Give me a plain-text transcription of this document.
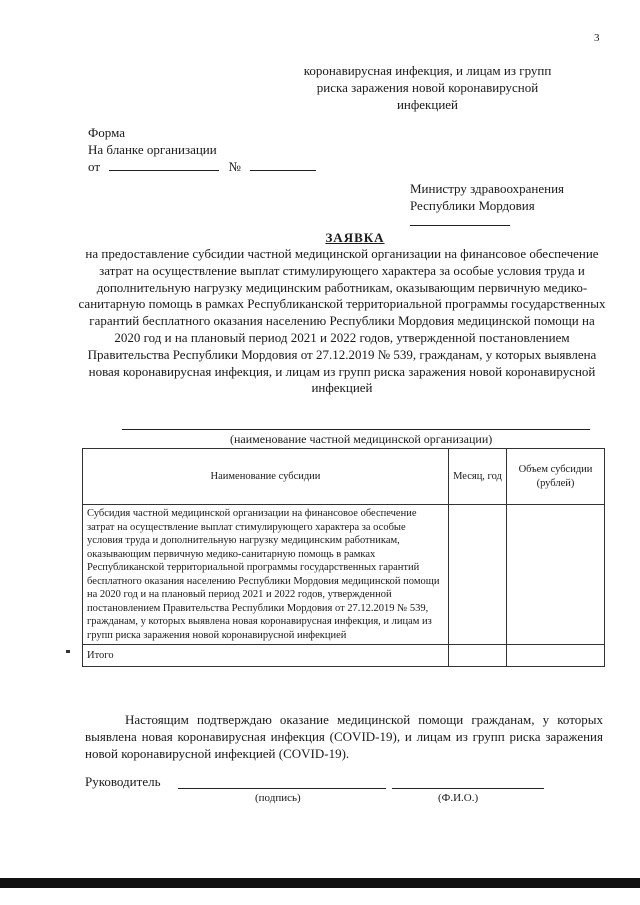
3
коронавирусная инфекция, и лицам из групп
риска заражения новой коронавирусной
инфекцией
Форма
На бланке организации
от	№
Министру здравоохранения
Республики Мордовия
ЗАЯВКА
на предоставление субсидии частной медицинской организации на финансовое обеспечение затрат на осуществление выплат стимулирующего характера за особые условия труда и дополнительную нагрузку медицинским работникам, оказывающим первичную медико-санитарную помощь в рамках Республиканской территориальной программы государственных гарантий бесплатного оказания населению Республики Мордовия медицинской помощи на 2020 год и на плановый период 2021 и 2022 годов, утвержденной постановлением Правительства Республики Мордовия от 27.12.2019 № 539, гражданам, у которых выявлена новая коронавирусная инфекция, и лицам из групп риска заражения новой коронавирусной инфекцией
(наименование частной медицинской организации)
Наименование субсидии	Месяц, год	Объем субсидии (рублей)
Субсидия частной медицинской организации на финансовое обеспечение затрат на осуществление выплат стимулирующего характера за особые условия труда и дополнительную нагрузку медицинским работникам, оказывающим первичную медико-санитарную помощь в рамках Республиканской территориальной программы государственных гарантий бесплатного оказания населению Республики Мордовия медицинской помощи на 2020 год и на плановый период 2021 и 2022 годов, утвержденной постановлением Правительства Республики Мордовия от 27.12.2019 № 539, гражданам, у которых выявлена новая коронавирусная инфекция, и лицам из групп риска заражения новой коронавирусной инфекцией		
Итого		
Настоящим подтверждаю оказание медицинской помощи гражданам, у которых выявлена новая коронавирусная инфекция (COVID-19), и лицам из групп риска заражения новой коронавирусной инфекцией (COVID-19).
Руководитель
(подпись)	(Ф.И.О.)
